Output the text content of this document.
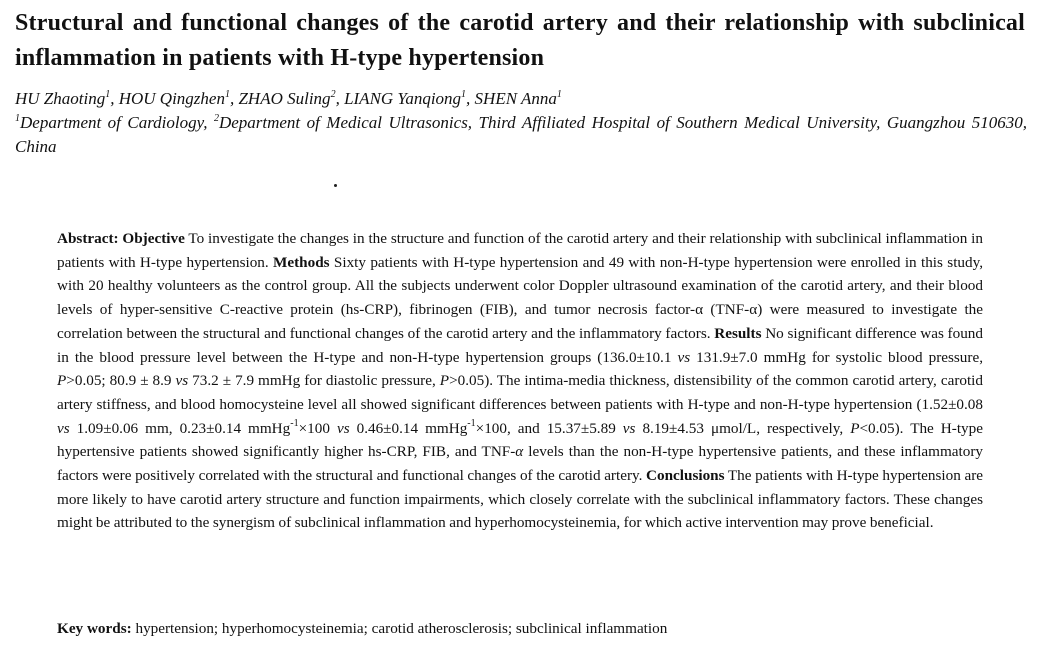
Structural and functional changes of the carotid artery and their relationship with subclinical inflammation in patients with H-type hypertension
HU Zhaoting$^1$, HOU Qingzhen$^1$, ZHAO Suling$^2$, LIANG Yanqiong$^1$, SHEN Anna$^1$
$^1$Department of Cardiology, $^2$Department of Medical Ultrasonics, Third Affiliated Hospital of Southern Medical University, Guangzhou 510630, China
Abstract: Objective To investigate the changes in the structure and function of the carotid artery and their relationship with subclinical inflammation in patients with H-type hypertension. Methods Sixty patients with H-type hypertension and 49 with non-H-type hypertension were enrolled in this study, with 20 healthy volunteers as the control group. All the subjects underwent color Doppler ultrasound examination of the carotid artery, and their blood levels of hyper-sensitive C-reactive protein (hs-CRP), fibrinogen (FIB), and tumor necrosis factor-α (TNF-α) were measured to investigate the correlation between the structural and functional changes of the carotid artery and the inflammatory factors. Results No significant difference was found in the blood pressure level between the H-type and non-H-type hypertension groups (136.0±10.1 vs 131.9±7.0 mmHg for systolic blood pressure, P>0.05; 80.9 ± 8.9 vs 73.2 ± 7.9 mmHg for diastolic pressure, P>0.05). The intima-media thickness, distensibility of the common carotid artery, carotid artery stiffness, and blood homocysteine level all showed significant differences between patients with H-type and non-H-type hypertension (1.52±0.08 vs 1.09±0.06 mm, 0.23±0.14 mmHg$^{-1}$×100 vs 0.46±0.14 mmHg$^{-1}$×100, and 15.37±5.89 vs 8.19±4.53 μmol/L, respectively, P<0.05). The H-type hypertensive patients showed significantly higher hs-CRP, FIB, and TNF-α levels than the non-H-type hypertensive patients, and these inflammatory factors were positively correlated with the structural and functional changes of the carotid artery. Conclusions The patients with H-type hypertension are more likely to have carotid artery structure and function impairments, which closely correlate with the subclinical inflammatory factors. These changes might be attributed to the synergism of subclinical inflammation and hyperhomocysteinemia, for which active intervention may prove beneficial.
Key words: hypertension; hyperhomocysteinemia; carotid atherosclerosis; subclinical inflammation
